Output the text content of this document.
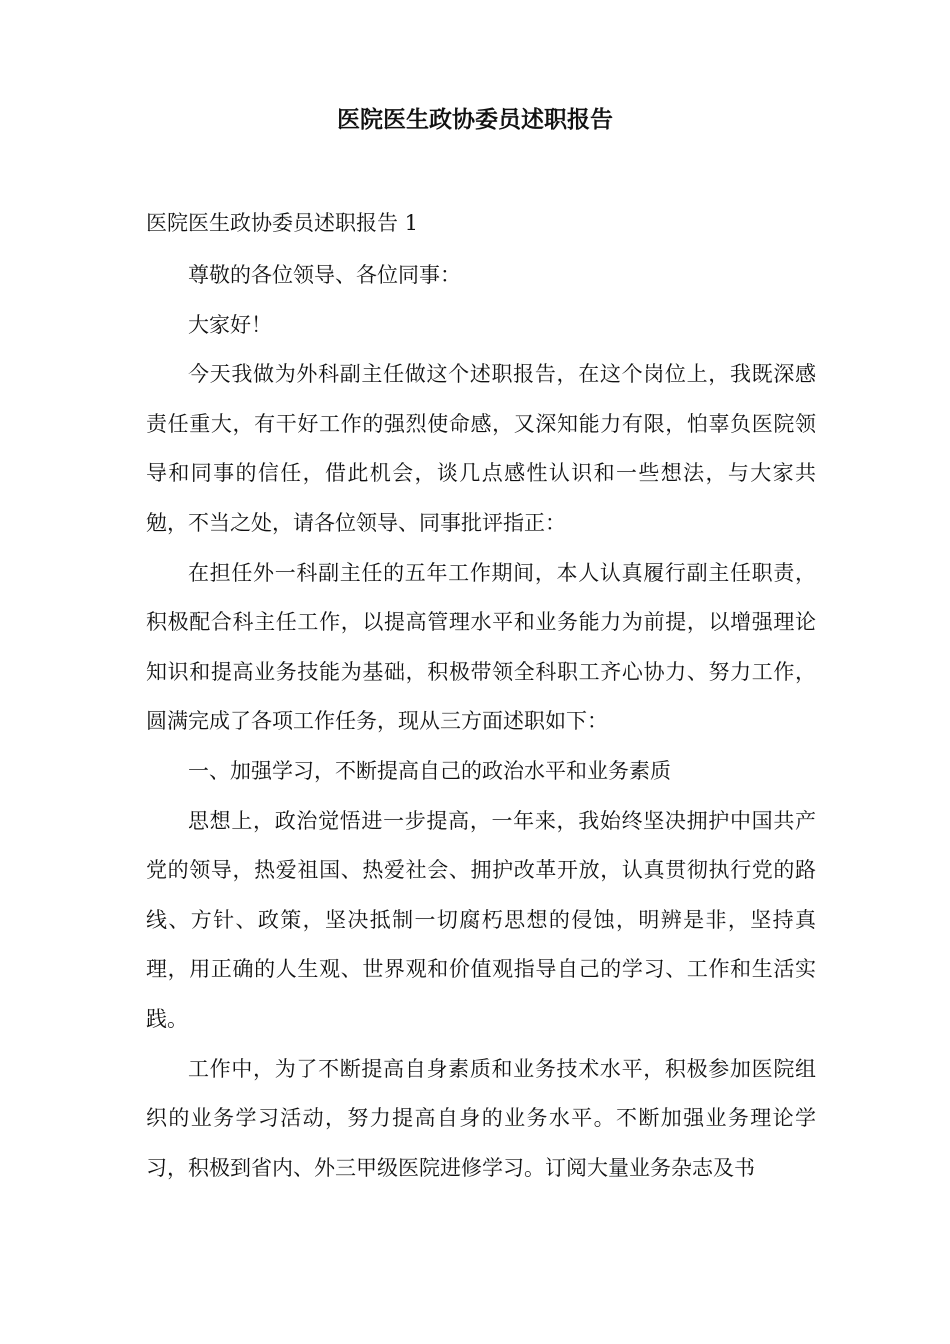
医院医生政协委员述职报告
医院医生政协委员述职报告 1

尊敬的各位领导、各位同事：

大家好！

今天我做为外科副主任做这个述职报告，在这个岗位上，我既深感责任重大，有干好工作的强烈使命感，又深知能力有限，怕辜负医院领导和同事的信任，借此机会，谈几点感性认识和一些想法，与大家共勉，不当之处，请各位领导、同事批评指正：

在担任外一科副主任的五年工作期间，本人认真履行副主任职责，积极配合科主任工作，以提高管理水平和业务能力为前提，以增强理论知识和提高业务技能为基础，积极带领全科职工齐心协力、努力工作，圆满完成了各项工作任务，现从三方面述职如下：

一、加强学习，不断提高自己的政治水平和业务素质

思想上，政治觉悟进一步提高，一年来，我始终坚决拥护中国共产党的领导，热爱祖国、热爱社会、拥护改革开放，认真贯彻执行党的路线、方针、政策，坚决抵制一切腐朽思想的侵蚀，明辨是非，坚持真理，用正确的人生观、世界观和价值观指导自己的学习、工作和生活实践。

工作中，为了不断提高自身素质和业务技术水平，积极参加医院组织的业务学习活动，努力提高自身的业务水平。不断加强业务理论学习，积极到省内、外三甲级医院进修学习。订阅大量业务杂志及书
